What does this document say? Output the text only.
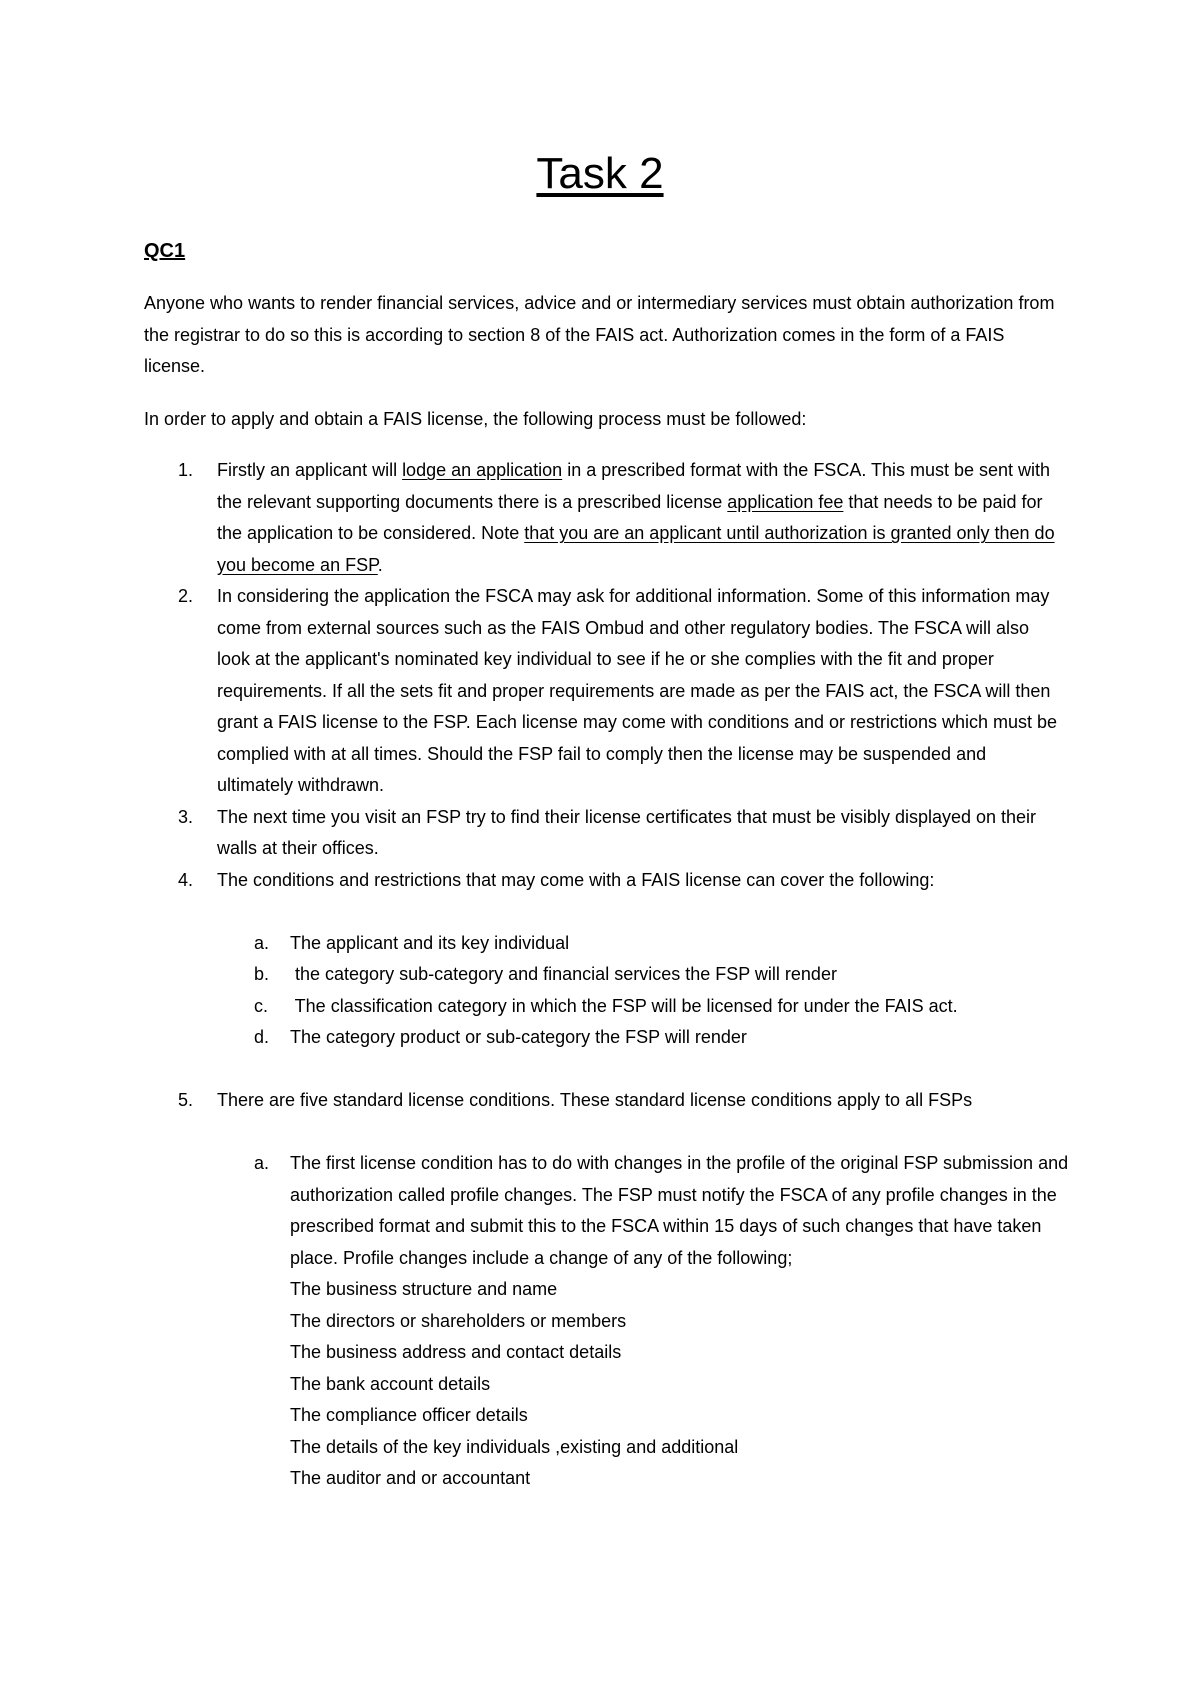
Task 2
QC1

Anyone who wants to render financial services, advice and or intermediary services must obtain authorization from the registrar to do so this is according to section 8 of the FAIS act. Authorization comes in the form of a FAIS license.

In order to apply and obtain a FAIS license, the following process must be followed:

1. Firstly an applicant will lodge an application in a prescribed format with the FSCA. This must be sent with the relevant supporting documents there is a prescribed license application fee that needs to be paid for the application to be considered. Note that you are an applicant until authorization is granted only then do you become an FSP.
2. In considering the application the FSCA may ask for additional information. Some of this information may come from external sources such as the FAIS Ombud and other regulatory bodies. The FSCA will also look at the applicant's nominated key individual to see if he or she complies with the fit and proper requirements. If all the sets fit and proper requirements are made as per the FAIS act, the FSCA will then grant a FAIS license to the FSP. Each license may come with conditions and or restrictions which must be complied with at all times. Should the FSP fail to comply then the license may be suspended and ultimately withdrawn.
3. The next time you visit an FSP try to find their license certificates that must be visibly displayed on their walls at their offices.
4. The conditions and restrictions that may come with a FAIS license can cover the following:
a. The applicant and its key individual
b. the category sub-category and financial services the FSP will render
c. The classification category in which the FSP will be licensed for under the FAIS act.
d. The category product or sub-category the FSP will render
5. There are five standard license conditions. These standard license conditions apply to all FSPs
a. The first license condition has to do with changes in the profile of the original FSP submission and authorization called profile changes. The FSP must notify the FSCA of any profile changes in the prescribed format and submit this to the FSCA within 15 days of such changes that have taken place. Profile changes include a change of any of the following;
The business structure and name
The directors or shareholders or members
The business address and contact details
The bank account details
The compliance officer details
The details of the key individuals ,existing and additional
The auditor and or accountant
